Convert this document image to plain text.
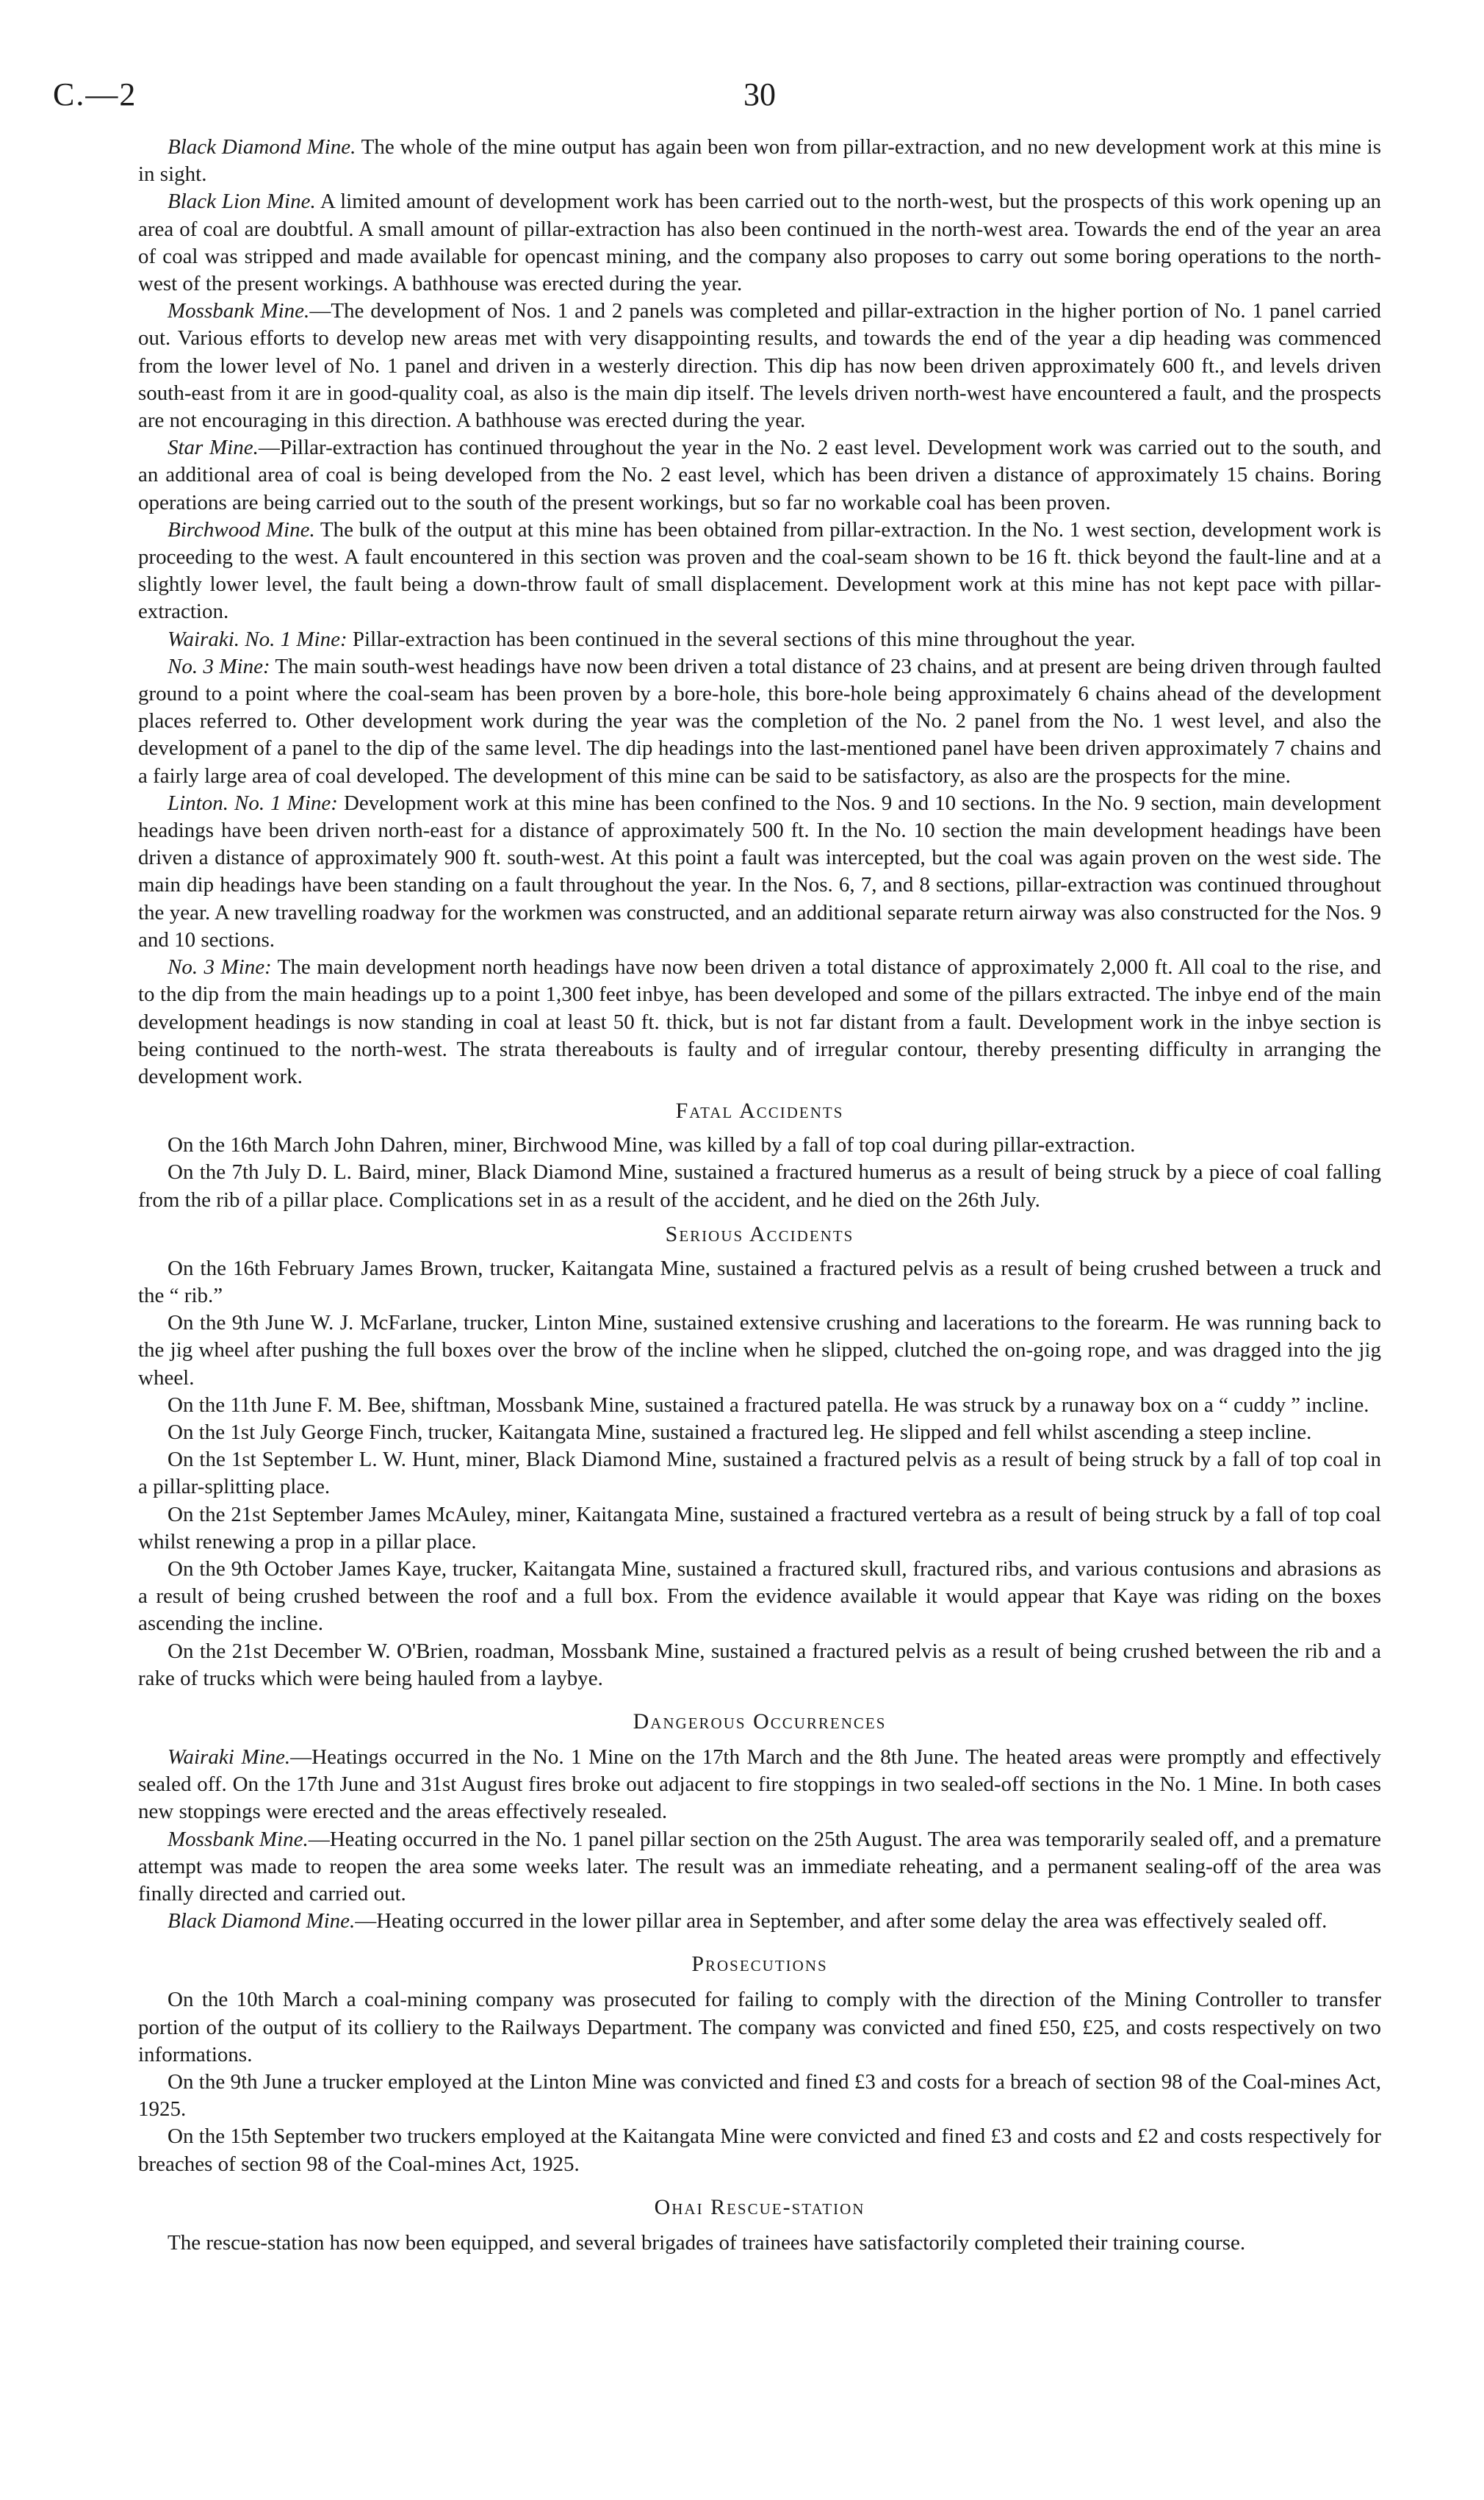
C.—2	30

Black Diamond Mine. The whole of the mine output has again been won from pillar-extraction, and no new development work at this mine is in sight.

Black Lion Mine. A limited amount of development work has been carried out to the north-west, but the prospects of this work opening up an area of coal are doubtful. A small amount of pillar-extraction has also been continued in the north-west area. Towards the end of the year an area of coal was stripped and made available for opencast mining, and the company also proposes to carry out some boring operations to the north-west of the present workings. A bathhouse was erected during the year.

Mossbank Mine.—The development of Nos. 1 and 2 panels was completed and pillar-extraction in the higher portion of No. 1 panel carried out. Various efforts to develop new areas met with very disappointing results, and towards the end of the year a dip heading was commenced from the lower level of No. 1 panel and driven in a westerly direction. This dip has now been driven approximately 600 ft., and levels driven south-east from it are in good-quality coal, as also is the main dip itself. The levels driven north-west have encountered a fault, and the prospects are not encouraging in this direction. A bathhouse was erected during the year.

Star Mine.—Pillar-extraction has continued throughout the year in the No. 2 east level. Development work was carried out to the south, and an additional area of coal is being developed from the No. 2 east level, which has been driven a distance of approximately 15 chains. Boring operations are being carried out to the south of the present workings, but so far no workable coal has been proven.

Birchwood Mine. The bulk of the output at this mine has been obtained from pillar-extraction. In the No. 1 west section, development work is proceeding to the west. A fault encountered in this section was proven and the coal-seam shown to be 16 ft. thick beyond the fault-line and at a slightly lower level, the fault being a down-throw fault of small displacement. Development work at this mine has not kept pace with pillar-extraction.

Wairaki. No. 1 Mine: Pillar-extraction has been continued in the several sections of this mine throughout the year.

No. 3 Mine: The main south-west headings have now been driven a total distance of 23 chains, and at present are being driven through faulted ground to a point where the coal-seam has been proven by a bore-hole, this bore-hole being approximately 6 chains ahead of the development places referred to. Other development work during the year was the completion of the No. 2 panel from the No. 1 west level, and also the development of a panel to the dip of the same level. The dip headings into the last-mentioned panel have been driven approximately 7 chains and a fairly large area of coal developed. The development of this mine can be said to be satisfactory, as also are the prospects for the mine.

Linton. No. 1 Mine: Development work at this mine has been confined to the Nos. 9 and 10 sections. In the No. 9 section, main development headings have been driven north-east for a distance of approximately 500 ft. In the No. 10 section the main development headings have been driven a distance of approximately 900 ft. south-west. At this point a fault was intercepted, but the coal was again proven on the west side. The main dip headings have been standing on a fault throughout the year. In the Nos. 6, 7, and 8 sections, pillar-extraction was continued throughout the year. A new travelling roadway for the workmen was constructed, and an additional separate return airway was also constructed for the Nos. 9 and 10 sections.

No. 3 Mine: The main development north headings have now been driven a total distance of approximately 2,000 ft. All coal to the rise, and to the dip from the main headings up to a point 1,300 feet inbye, has been developed and some of the pillars extracted. The inbye end of the main development headings is now standing in coal at least 50 ft. thick, but is not far distant from a fault. Development work in the inbye section is being continued to the north-west. The strata thereabouts is faulty and of irregular contour, thereby presenting difficulty in arranging the development work.

Fatal Accidents

On the 16th March John Dahren, miner, Birchwood Mine, was killed by a fall of top coal during pillar-extraction.

On the 7th July D. L. Baird, miner, Black Diamond Mine, sustained a fractured humerus as a result of being struck by a piece of coal falling from the rib of a pillar place. Complications set in as a result of the accident, and he died on the 26th July.

Serious Accidents

On the 16th February James Brown, trucker, Kaitangata Mine, sustained a fractured pelvis as a result of being crushed between a truck and the “ rib.”

On the 9th June W. J. McFarlane, trucker, Linton Mine, sustained extensive crushing and lacerations to the forearm. He was running back to the jig wheel after pushing the full boxes over the brow of the incline when he slipped, clutched the on-going rope, and was dragged into the jig wheel.

On the 11th June F. M. Bee, shiftman, Mossbank Mine, sustained a fractured patella. He was struck by a runaway box on a “ cuddy ” incline.

On the 1st July George Finch, trucker, Kaitangata Mine, sustained a fractured leg. He slipped and fell whilst ascending a steep incline.

On the 1st September L. W. Hunt, miner, Black Diamond Mine, sustained a fractured pelvis as a result of being struck by a fall of top coal in a pillar-splitting place.

On the 21st September James McAuley, miner, Kaitangata Mine, sustained a fractured vertebra as a result of being struck by a fall of top coal whilst renewing a prop in a pillar place.

On the 9th October James Kaye, trucker, Kaitangata Mine, sustained a fractured skull, fractured ribs, and various contusions and abrasions as a result of being crushed between the roof and a full box. From the evidence available it would appear that Kaye was riding on the boxes ascending the incline.

On the 21st December W. O'Brien, roadman, Mossbank Mine, sustained a fractured pelvis as a result of being crushed between the rib and a rake of trucks which were being hauled from a laybye.

Dangerous Occurrences

Wairaki Mine.—Heatings occurred in the No. 1 Mine on the 17th March and the 8th June. The heated areas were promptly and effectively sealed off. On the 17th June and 31st August fires broke out adjacent to fire stoppings in two sealed-off sections in the No. 1 Mine. In both cases new stoppings were erected and the areas effectively resealed.

Mossbank Mine.—Heating occurred in the No. 1 panel pillar section on the 25th August. The area was temporarily sealed off, and a premature attempt was made to reopen the area some weeks later. The result was an immediate reheating, and a permanent sealing-off of the area was finally directed and carried out.

Black Diamond Mine.—Heating occurred in the lower pillar area in September, and after some delay the area was effectively sealed off.

Prosecutions

On the 10th March a coal-mining company was prosecuted for failing to comply with the direction of the Mining Controller to transfer portion of the output of its colliery to the Railways Department. The company was convicted and fined £50, £25, and costs respectively on two informations.

On the 9th June a trucker employed at the Linton Mine was convicted and fined £3 and costs for a breach of section 98 of the Coal-mines Act, 1925.

On the 15th September two truckers employed at the Kaitangata Mine were convicted and fined £3 and costs and £2 and costs respectively for breaches of section 98 of the Coal-mines Act, 1925.

Ohai Rescue-station

The rescue-station has now been equipped, and several brigades of trainees have satisfactorily completed their training course.
